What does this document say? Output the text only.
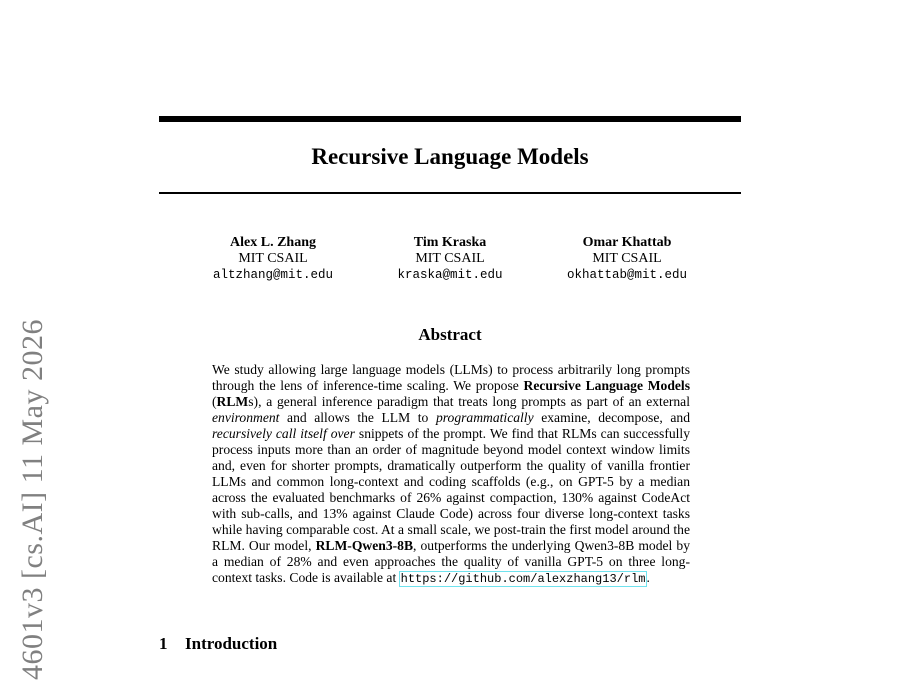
Recursive Language Models
Alex L. Zhang
MIT CSAIL
altzhang@mit.edu
Tim Kraska
MIT CSAIL
kraska@mit.edu
Omar Khattab
MIT CSAIL
okhattab@mit.edu
Abstract

We study allowing large language models (LLMs) to process arbitrarily long prompts through the lens of inference-time scaling. We propose Recursive Language Models (RLMs), a general inference paradigm that treats long prompts as part of an external environment and allows the LLM to programmatically examine, decompose, and recursively call itself over snippets of the prompt. We find that RLMs can successfully process inputs more than an order of magnitude beyond model context window limits and, even for shorter prompts, dramatically outperform the quality of vanilla frontier LLMs and common long-context and coding scaffolds (e.g., on GPT-5 by a median across the evaluated benchmarks of 26% against compaction, 130% against CodeAct with sub-calls, and 13% against Claude Code) across four diverse long-context tasks while having comparable cost. At a small scale, we post-train the first model around the RLM. Our model, RLM-Qwen3-8B, outperforms the underlying Qwen3-8B model by a median of 28% and even approaches the quality of vanilla GPT-5 on three long-context tasks. Code is available at https://github.com/alexzhang13/rlm.

1 Introduction
4601v3 [cs.AI] 11 May 2026
